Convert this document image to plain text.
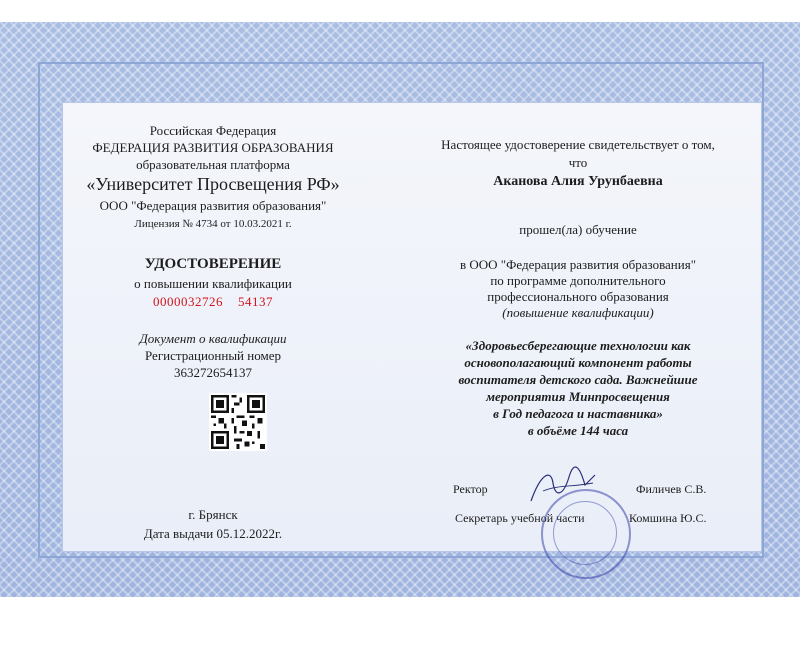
Российская Федерация
ФЕДЕРАЦИЯ РАЗВИТИЯ ОБРАЗОВАНИЯ
образовательная платформа
«Университет Просвещения РФ»
ООО "Федерация развития образования"
Лицензия № 4734 от 10.03.2021 г.
УДОСТОВЕРЕНИЕ
о повышении квалификации
0000032726    54137
Документ о квалификации
Регистрационный номер
363272654137
г. Брянск
Дата выдачи 05.12.2022г.
Настоящее удостоверение свидетельствует о том,
что
Аканова Алия Урунбаевна
прошел(ла) обучение
в ООО "Федерация развития образования"
по программе дополнительного
профессионального образования
(повышение квалификации)
«Здоровьесберегающие технологии как
основополагающий компонент работы
воспитателя детского сада. Важнейшие
мероприятия Минпросвещения
в Год педагога и наставника»
в объёме 144 часа
Ректор	Филичев С.В.
Секретарь учебной части	Комшина Ю.С.
